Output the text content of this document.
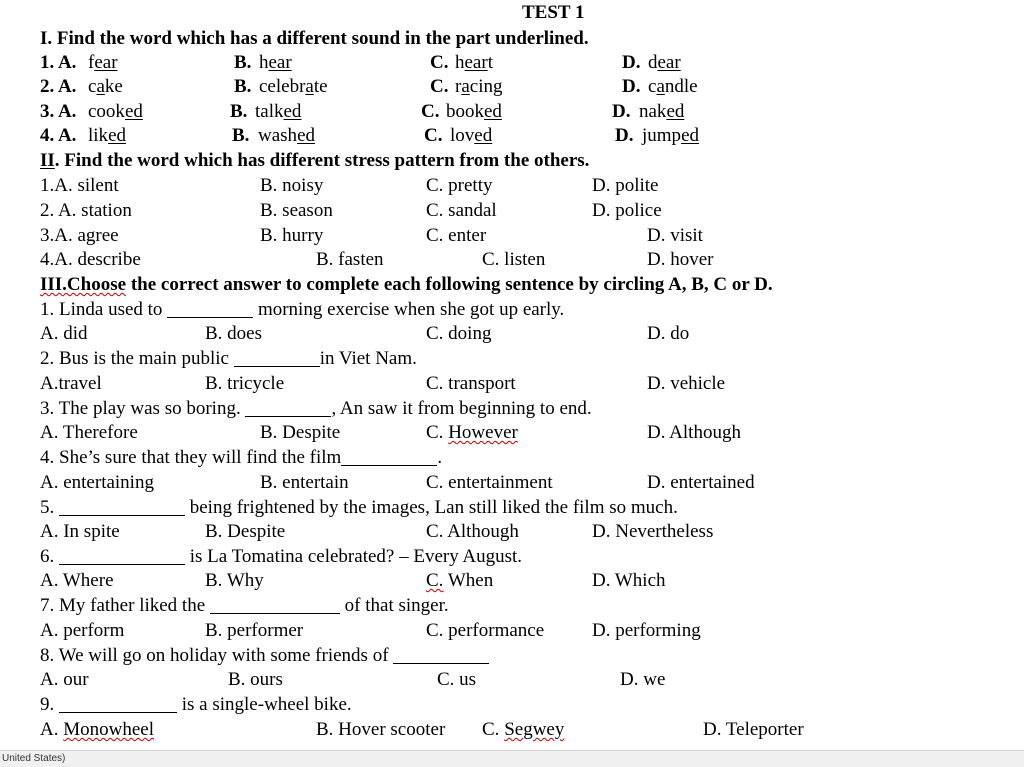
TEST 1
I. Find the word which has a different sound in the part underlined.
1. A. fear	B. hear	C. heart	D. dear
2. A. cake	B. celebrate	C. racing	D. candle
3. A. cooked	B. talked	C. booked	D. naked
4. A. liked	B. washed	C. loved	D. jumped
II. Find the word which has different stress pattern from the others.
1.A. silent	B. noisy	C. pretty	D. polite
2. A. station	B. season	C. sandal	D. police
3.A. agree	B. hurry	C. enter	D. visit
4.A. describe	B. fasten	C. listen	D. hover
III.Choose the correct answer to complete each following sentence by circling A, B, C or D.
1. Linda used to	morning exercise when she got up early.
A. did	B. does	C. doing	D. do
2. Bus is the main public	in Viet Nam.
A.travel	B. tricycle	C. transport	D. vehicle
3. The play was so boring.	, An saw it from beginning to end.
A. Therefore	B. Despite	C. However	D. Although
4. She’s sure that they will find the film	.
A. entertaining	B. entertain	C. entertainment	D. entertained
5.	being frightened by the images, Lan still liked the film so much.
A. In spite	B. Despite	C. Although	D. Nevertheless
6.	is La Tomatina celebrated? – Every August.
A. Where	B. Why	C. When	D. Which
7. My father liked the	of that singer.
A. perform	B. performer	C. performance	D. performing
8. We will go on holiday with some friends of
A. our	B. ours	C. us	D. we
9.	is a single-wheel bike.
A. Monowheel	B. Hover scooter C. Segwey	D. Teleporter
United States)
